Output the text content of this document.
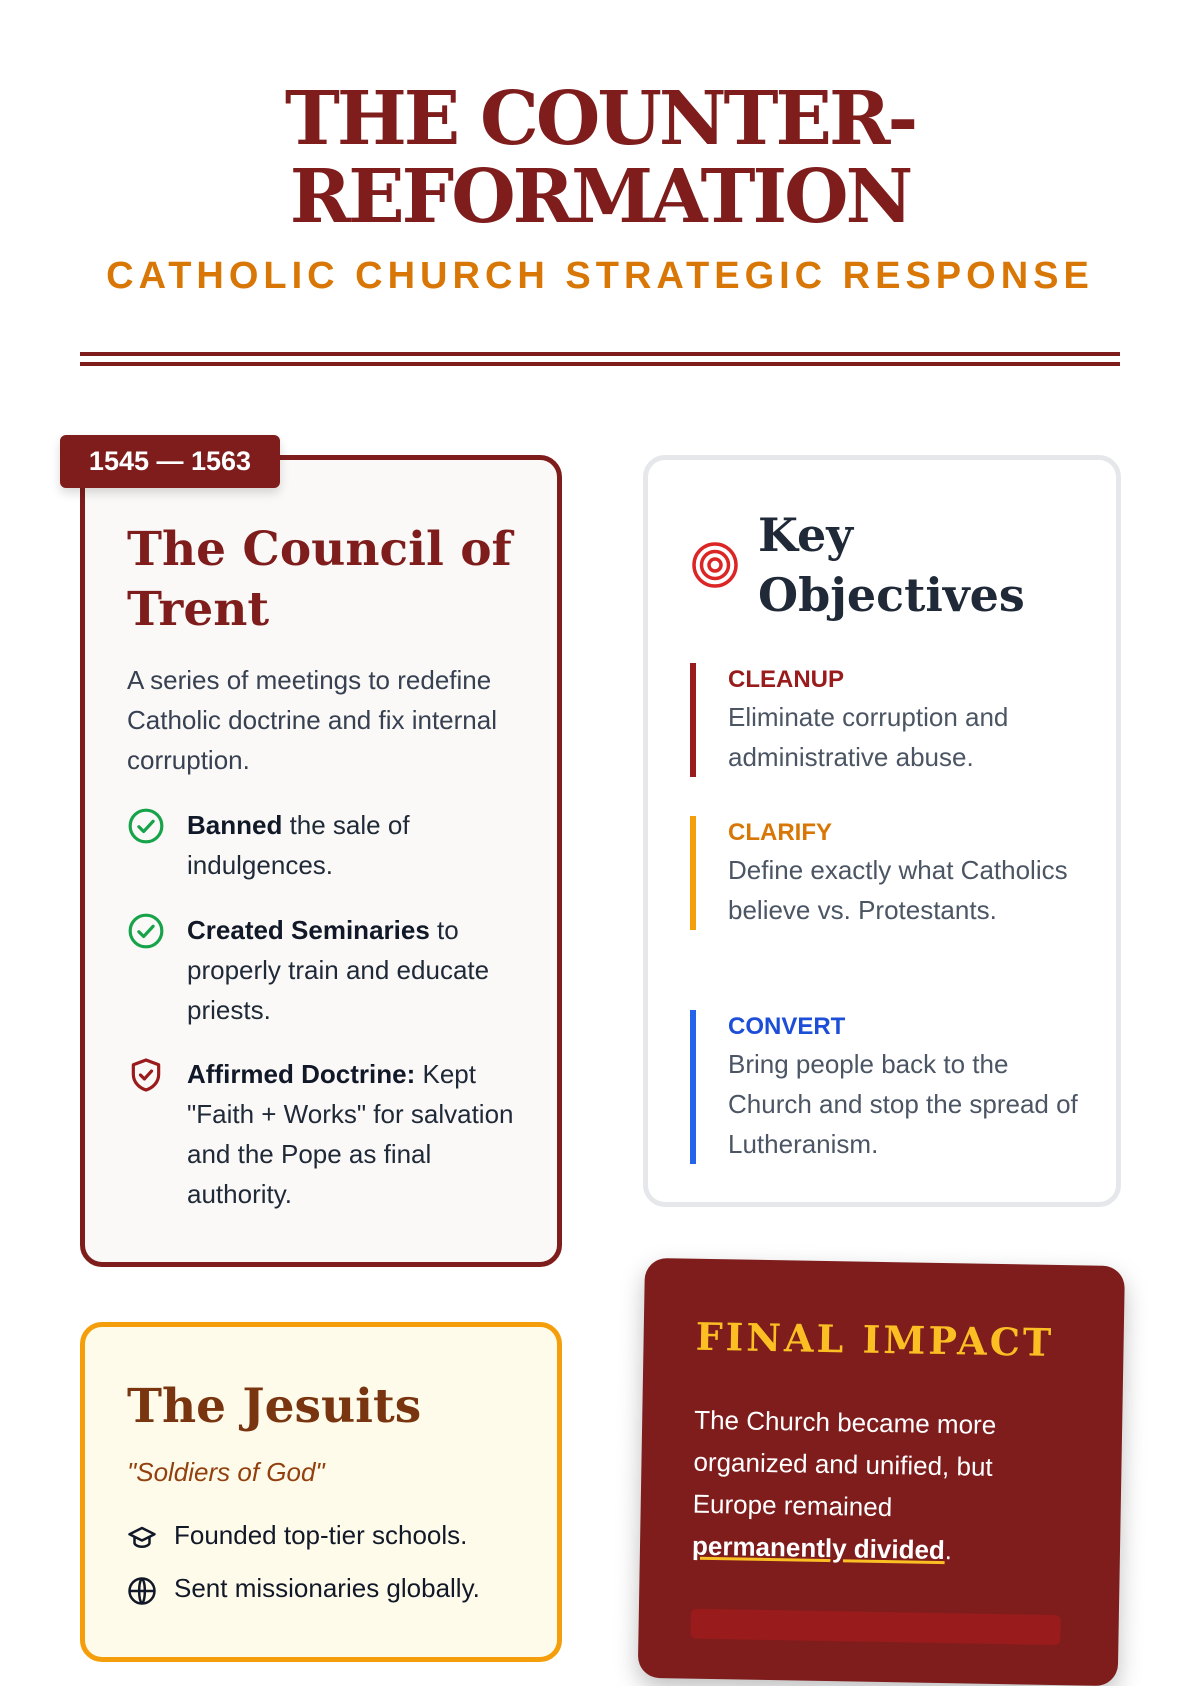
THE COUNTER-
REFORMATION
CATHOLIC CHURCH STRATEGIC RESPONSE
The Council of Trent
A series of meetings to redefine Catholic doctrine and fix internal corruption.
Banned the sale of indulgences.
Created Seminaries to properly train and educate priests.
Affirmed Doctrine: Kept "Faith + Works" for salvation and the Pope as final authority.
1545 — 1563
Key Objectives
CLEANUP
Eliminate corruption and administrative abuse.
CLARIFY
Define exactly what Catholics believe vs. Protestants.
CONVERT
Bring people back to the Church and stop the spread of Lutheranism.
The Jesuits
"Soldiers of God"
Founded top-tier schools.
Sent missionaries globally.
FINAL IMPACT
The Church became more organized and unified, but Europe remained permanently divided.
